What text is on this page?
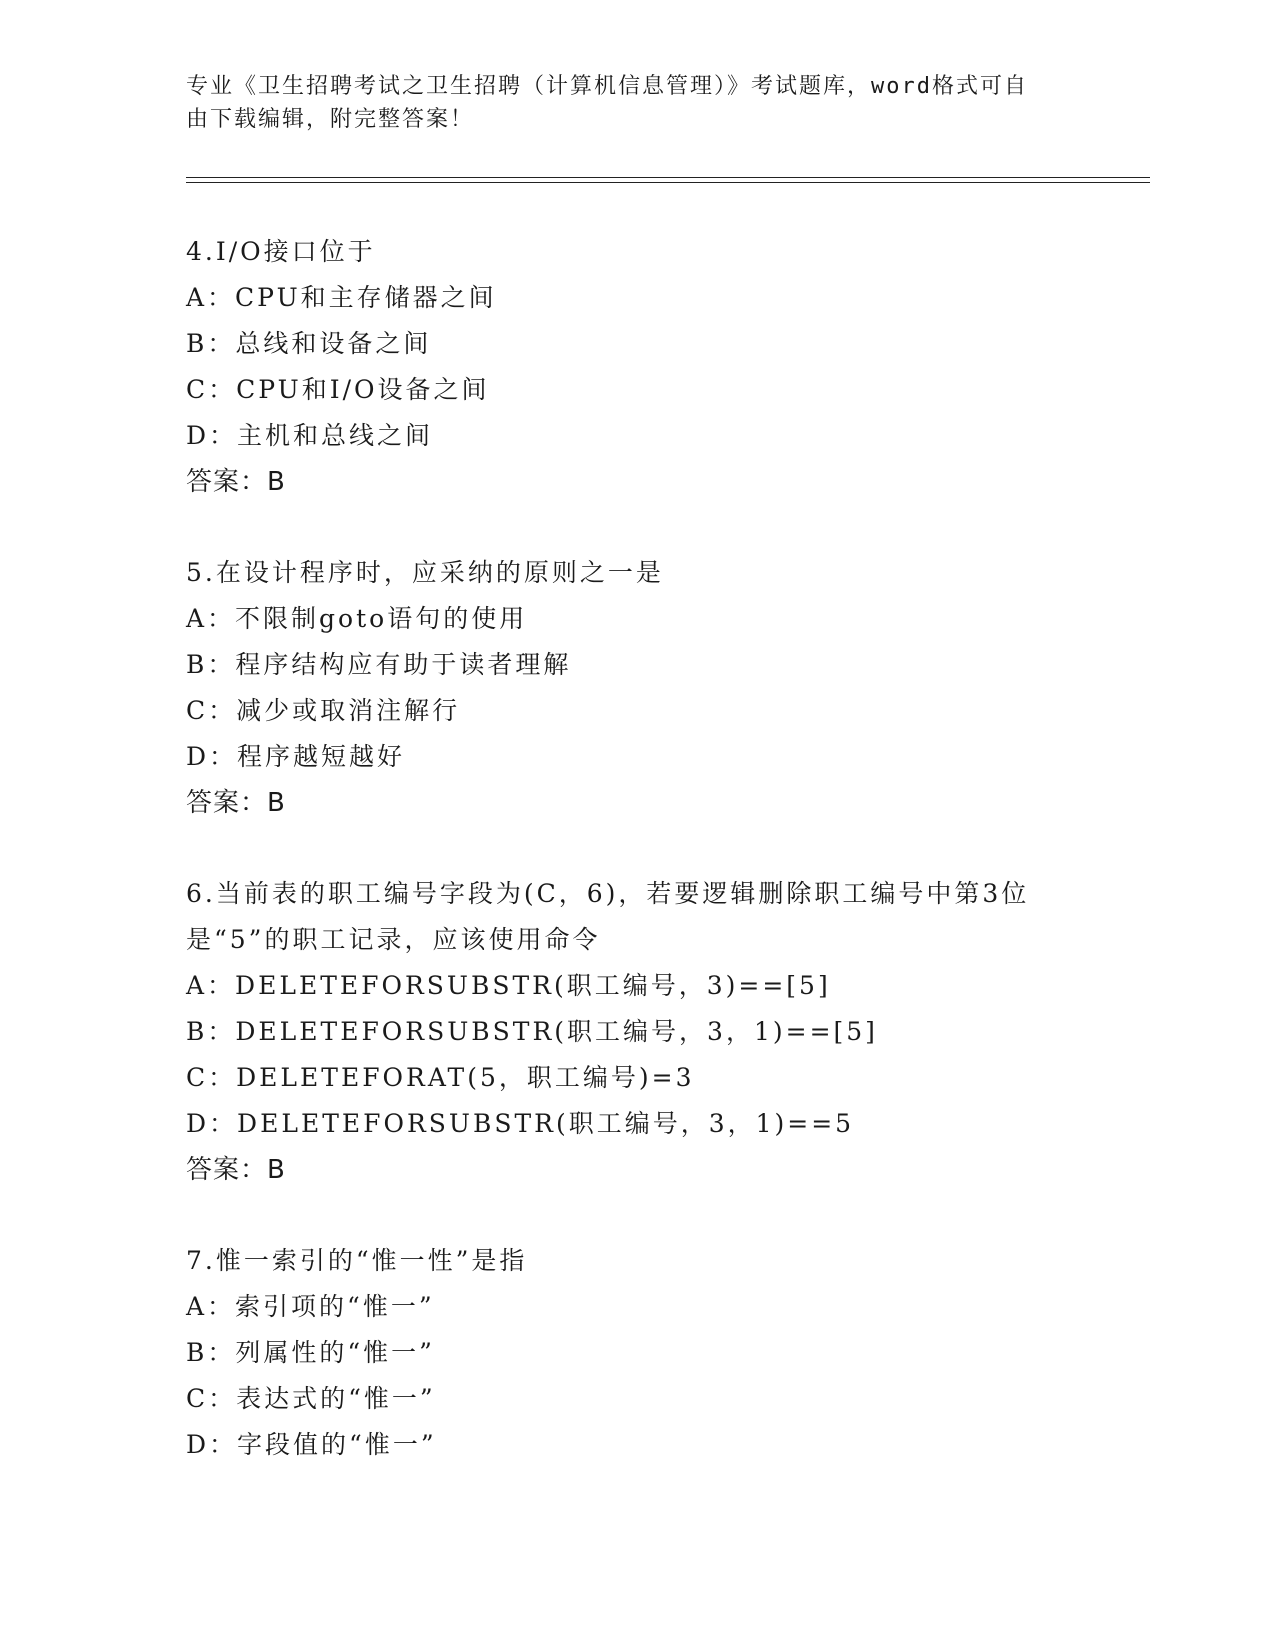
专业《卫生招聘考试之卫生招聘（计算机信息管理）》考试题库，word格式可自
由下载编辑，附完整答案！
4.I/O接口位于
A：CPU和主存储器之间
B：总线和设备之间
C：CPU和I/O设备之间
D：主机和总线之间
答案：B
5.在设计程序时，应采纳的原则之一是
A：不限制goto语句的使用
B：程序结构应有助于读者理解
C：减少或取消注解行
D：程序越短越好
答案：B
6.当前表的职工编号字段为(C，6)，若要逻辑删除职工编号中第3位是“5”的职工记录，应该使用命令
A：DELETEFORSUBSTR(职工编号，3)==[5]
B：DELETEFORSUBSTR(职工编号，3，1)==[5]
C：DELETEFORAT(5，职工编号)=3
D：DELETEFORSUBSTR(职工编号，3，1)==5
答案：B
7.惟一索引的“惟一性”是指
A：索引项的“惟一”
B：列属性的“惟一”
C：表达式的“惟一”
D：字段值的“惟一”
